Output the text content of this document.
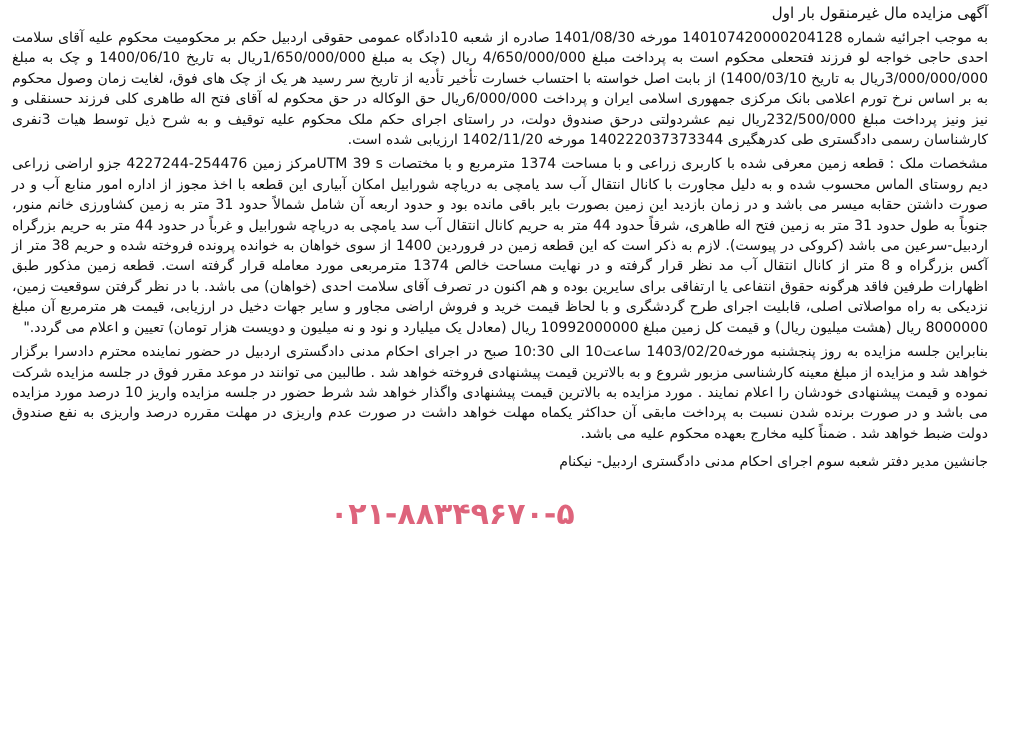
آگهی مزایده مال غیرمنقول بار اول

به موجب اجرائیه شماره 140107420000204128 مورخه 1401/08/30 صادره از شعبه 10دادگاه عمومی حقوقی اردبیل حکم بر محکومیت محکوم علیه آقای سلامت احدی حاجی خواجه لو فرزند فتحعلی محکوم است به پرداخت مبلغ 4/650/000/000 ریال (چک به مبلغ 1/650/000/000ریال به تاریخ 1400/06/10 و چک به مبلغ 3/000/000/000ریال به تاریخ 1400/03/10) از بابت اصل خواسته با احتساب خسارت تأخیر تأدیه از تاریخ سر رسید هر یک از چک های فوق، لغایت زمان وصول محکوم به بر اساس نرخ تورم اعلامی بانک مرکزی جمهوری اسلامی ایران و پرداخت 6/000/000ریال حق الوکاله در حق محکوم له آقای فتح اله طاهری کلی فرزند حسنقلی و نیز ونیز پرداخت مبلغ 232/500/000ریال نیم عشردولتی درحق صندوق دولت، در راستای اجرای حکم ملک محکوم علیه توقیف و به شرح ذیل توسط هیات 3نفری کارشناسان رسمی دادگستری طی کدرهگیری 140222037373344 مورخه 1402/11/20 ارزیابی شده است.

مشخصات ملک : قطعه زمین معرفی شده با کاربری زراعی و با مساحت 1374 مترمربع و با مختصات UTM 39 sمرکز زمین 254476-4227244 جزو اراضی زراعی دیم روستای الماس محسوب شده و به دلیل مجاورت با کانال انتقال آب سد یامچی به دریاچه شورابیل امکان آبیاری این قطعه با اخذ مجوز از اداره امور منابع آب و در صورت داشتن حقابه میسر می باشد و در زمان بازدید این زمین بصورت بایر باقی مانده بود و حدود اربعه آن شامل شمالاً حدود 31 متر به زمین کشاورزی خانم منور، جنوباً به طول حدود 31 متر به زمین فتح اله طاهری، شرقاً حدود 44 متر به حریم کانال انتقال آب سد یامچی به دریاچه شورابیل و غرباً در حدود 44 متر به حریم بزرگراه اردبیل-سرعین می باشد (کروکی در پیوست). لازم به ذکر است که این قطعه زمین در فروردین 1400 از سوی خواهان به خوانده پرونده فروخته شده و حریم 38 متر از آکس بزرگراه و 8 متر از کانال انتقال آب مد نظر قرار گرفته و در نهایت مساحت خالص 1374 مترمربعی مورد معامله قرار گرفته است. قطعه زمین مذکور طبق اظهارات طرفین فاقد هرگونه حقوق انتفاعی یا ارتفاقی برای سایرین بوده و هم اکنون در تصرف آقای سلامت احدی (خواهان) می باشد. با در نظر گرفتن سوقعیت زمین، نزدیکی به راه مواصلاتی اصلی، قابلیت اجرای طرح گردشگری و با لحاظ قیمت خرید و فروش اراضی مجاور و سایر جهات دخیل در ارزیابی، قیمت هر مترمربع آن مبلغ 8000000 ریال (هشت میلیون ریال) و قیمت کل زمین مبلغ 10992000000 ریال (معادل یک میلیارد و نود و نه میلیون و دویست هزار تومان) تعیین و اعلام می گردد."

بنابراین جلسه مزایده به روز پنجشنبه مورخه1403/02/20 ساعت10 الی 10:30 صبح در اجرای احکام مدنی دادگستری اردبیل در حضور نماینده محترم دادسرا برگزار خواهد شد و مزایده از مبلغ معینه کارشناسی مزبور شروع و به بالاترین قیمت پیشنهادی فروخته خواهد شد . طالبین می توانند در موعد مقرر فوق در جلسه مزایده شرکت نموده و قیمت پیشنهادی خودشان را اعلام نمایند . مورد مزایده به بالاترین قیمت پیشنهادی واگذار خواهد شد شرط حضور در جلسه مزایده واریز 10 درصد مورد مزایده می باشد و در صورت برنده شدن نسبت به پرداخت مابقی آن حداکثر یکماه مهلت خواهد داشت در صورت عدم واریزی در مهلت مقرره درصد واریزی به نفع صندوق دولت ضبط خواهد شد . ضمناً کلیه مخارج بعهده محکوم علیه می باشد.

جانشین مدیر دفتر شعبه سوم اجرای احکام مدنی دادگستری اردبیل- نیکنام
۰۲۱-۸۸۳۴۹۶۷۰-۵
